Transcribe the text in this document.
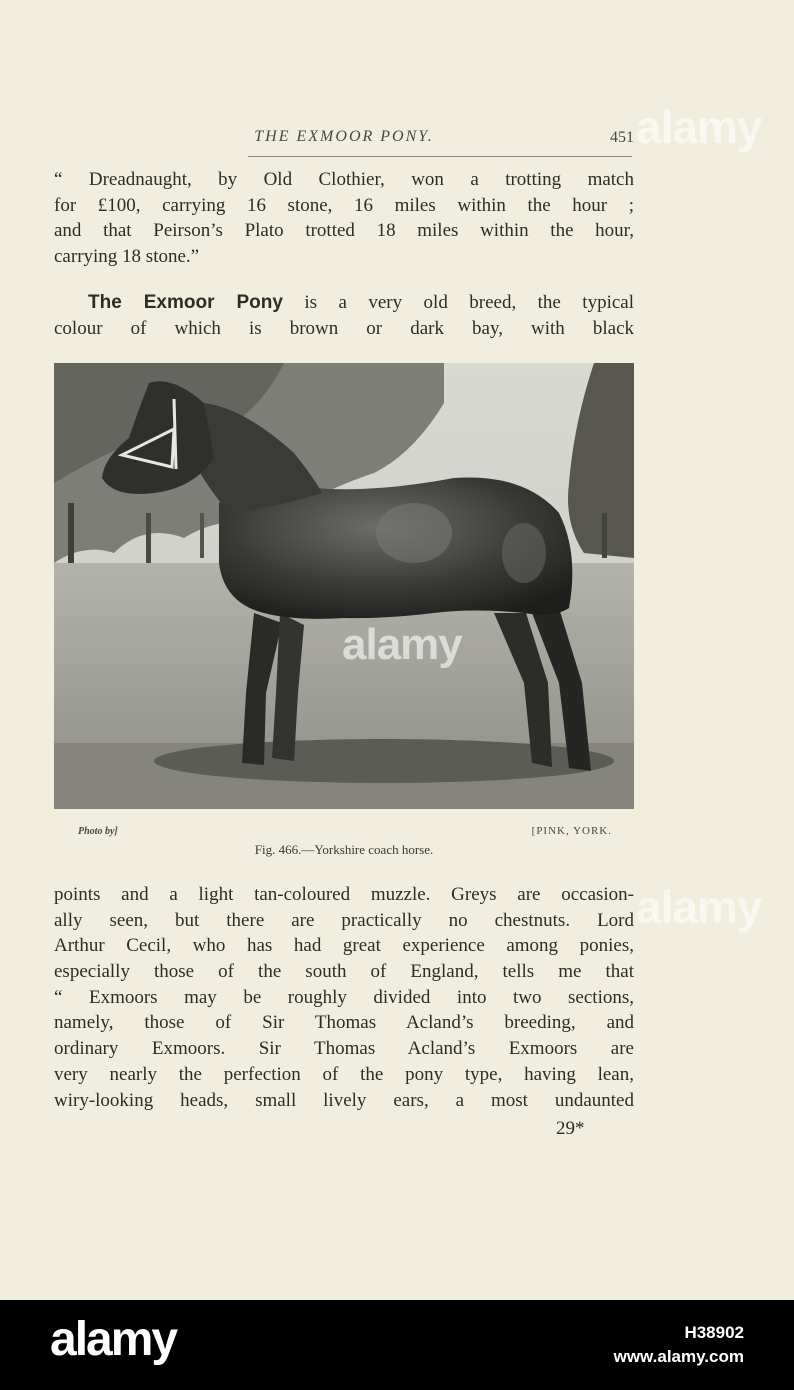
THE EXMOOR PONY.	451
“ Dreadnaught, by Old Clothier, won a trotting match
for £100, carrying 16 stone, 16 miles within the hour ;
and that Peirson’s Plato trotted 18 miles within the hour,
carrying 18 stone.”
The Exmoor Pony is a very old breed, the typical
colour of which is brown or dark bay, with black
Photo by]	[PINK, YORK.
Fig. 466.—Yorkshire coach horse.
points and a light tan-coloured muzzle. Greys are occasion-
ally seen, but there are practically no chestnuts. Lord
Arthur Cecil, who has had great experience among ponies,
especially those of the south of England, tells me that
“ Exmoors may be roughly divided into two sections,
namely, those of Sir Thomas Acland’s breeding, and
ordinary Exmoors. Sir Thomas Acland’s Exmoors are
very nearly the perfection of the pony type, having lean,
wiry-looking heads, small lively ears, a most undaunted
29*
alamy
alamy
alamy
alamy	H38902
www.alamy.com
